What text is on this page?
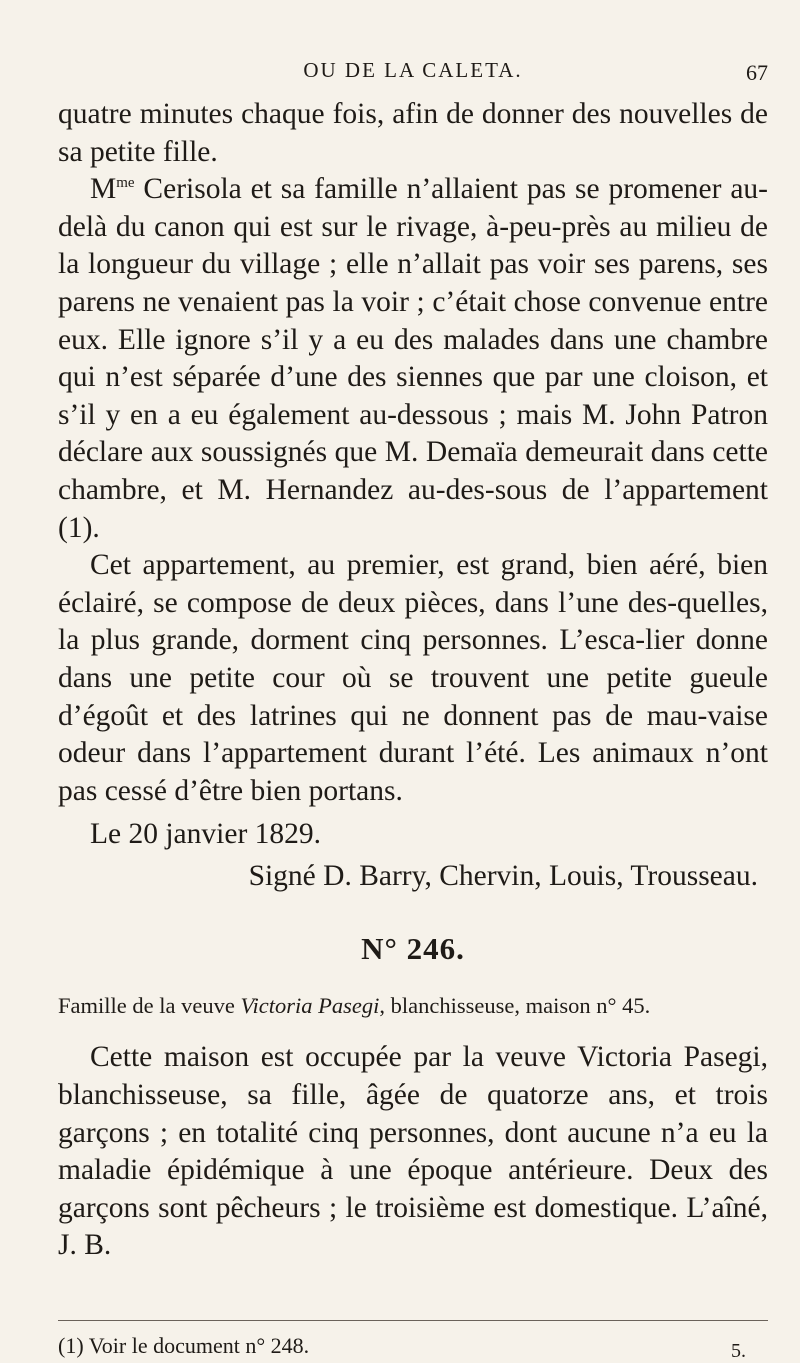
OU DE LA CALETA.	67

quatre minutes chaque fois, afin de donner des nouvelles de sa petite fille.

$M^{me}$ Cerisola et sa famille n’allaient pas se promener au-delà du canon qui est sur le rivage, à-peu-près au milieu de la longueur du village ; elle n’allait pas voir ses parens, ses parens ne venaient pas la voir ; c’était chose convenue entre eux. Elle ignore s’il y a eu des malades dans une chambre qui n’est séparée d’une des siennes que par une cloison, et s’il y en a eu également au-dessous ; mais M. John Patron déclare aux soussignés que M. Demaïa demeurait dans cette chambre, et M. Hernandez au-des-sous de l’appartement (1).

Cet appartement, au premier, est grand, bien aéré, bien éclairé, se compose de deux pièces, dans l’une des-quelles, la plus grande, dorment cinq personnes. L’esca-lier donne dans une petite cour où se trouvent une petite gueule d’égoût et des latrines qui ne donnent pas de mau-vaise odeur dans l’appartement durant l’été. Les animaux n’ont pas cessé d’être bien portans.

Le 20 janvier 1829.

Signé D. Barry, Chervin, Louis, Trousseau.

N° 246.
Famille de la veuve Victoria Pasegi, blanchisseuse, maison n° 45.

Cette maison est occupée par la veuve Victoria Pasegi, blanchisseuse, sa fille, âgée de quatorze ans, et trois garçons ; en totalité cinq personnes, dont aucune n’a eu la maladie épidémique à une époque antérieure. Deux des garçons sont pêcheurs ; le troisième est domestique. L’aîné, J. B.

(1) Voir le document n° 248.	5.
